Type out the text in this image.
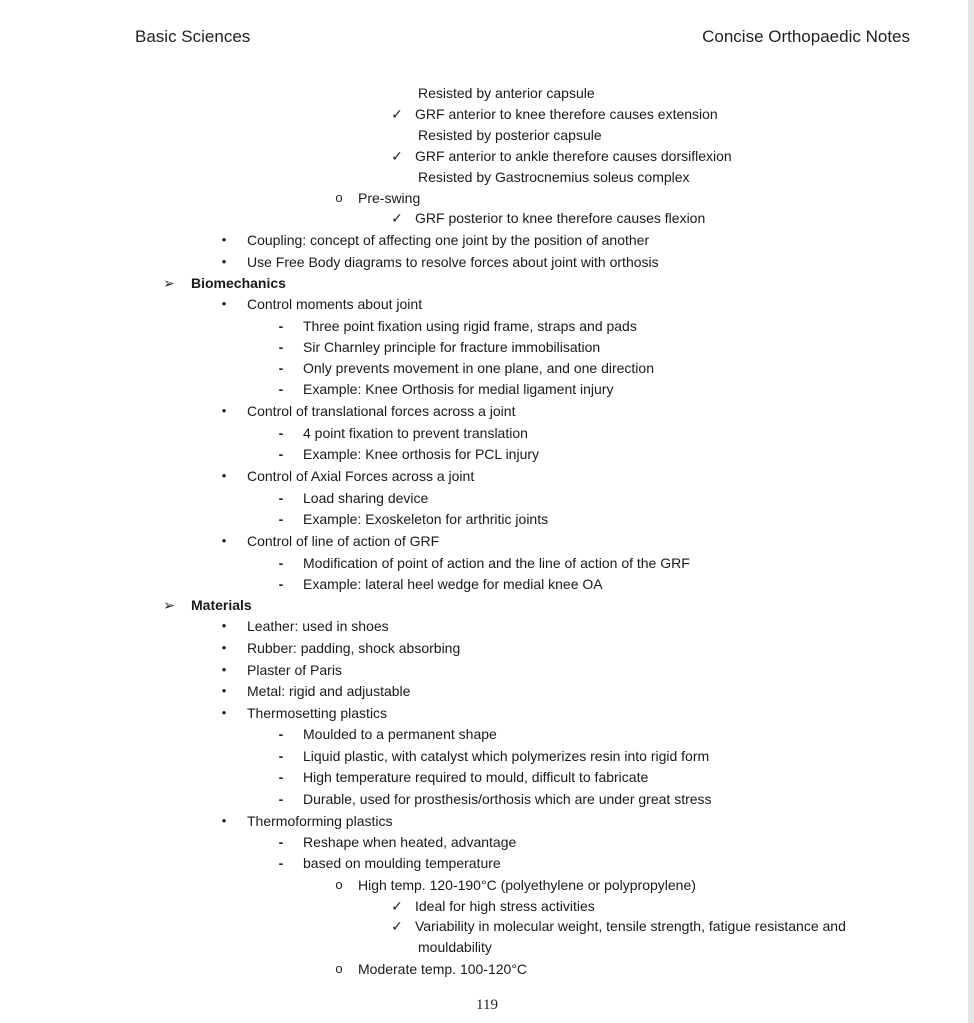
Basic Sciences	Concise Orthopaedic Notes
Resisted by anterior capsule
✓ GRF anterior to knee therefore causes extension
Resisted by posterior capsule
✓ GRF anterior to ankle therefore causes dorsiflexion
Resisted by Gastrocnemius soleus complex
o	Pre-swing
✓ GRF posterior to knee therefore causes flexion
•	Coupling: concept of affecting one joint by the position of another
•	Use Free Body diagrams to resolve forces about joint with orthosis
➢ Biomechanics
•	Control moments about joint
-	Three point fixation using rigid frame, straps and pads
-	Sir Charnley principle for fracture immobilisation
-	Only prevents movement in one plane, and one direction
-	Example: Knee Orthosis for medial ligament injury
•	Control of translational forces across a joint
-	4 point fixation to prevent translation
-	Example: Knee orthosis for PCL injury
•	Control of Axial Forces across a joint
-	Load sharing device
-	Example: Exoskeleton for arthritic joints
•	Control of line of action of GRF
-	Modification of point of action and the line of action of the GRF
-	Example: lateral heel wedge for medial knee OA
➢ Materials
•	Leather: used in shoes
•	Rubber: padding, shock absorbing
•	Plaster of Paris
•	Metal: rigid and adjustable
•	Thermosetting plastics
-	Moulded to a permanent shape
-	Liquid plastic, with catalyst which polymerizes resin into rigid form
-	High temperature required to mould, difficult to fabricate
-	Durable, used for prosthesis/orthosis which are under great stress
•	Thermoforming plastics
-	Reshape when heated, advantage
-	based on moulding temperature
o	High temp. 120-190°C (polyethylene or polypropylene)
✓ Ideal for high stress activities
✓ Variability in molecular weight, tensile strength, fatigue resistance and
mouldability
o	Moderate temp. 100-120°C
119
